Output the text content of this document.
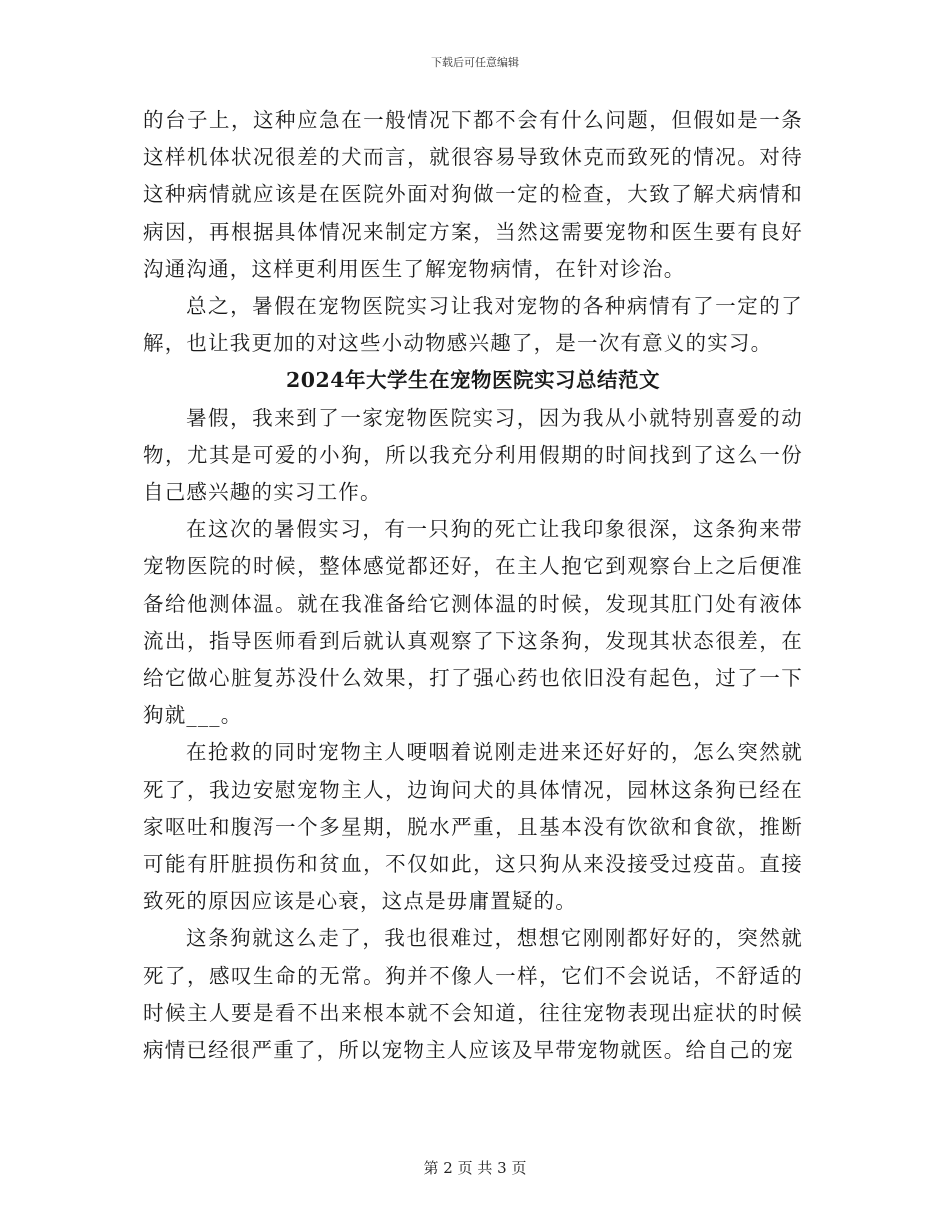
下载后可任意编辑

的台子上，这种应急在一般情况下都不会有什么问题，但假如是一条这样机体状况很差的犬而言，就很容易导致休克而致死的情况。对待这种病情就应该是在医院外面对狗做一定的检查，大致了解犬病情和病因，再根据具体情况来制定方案，当然这需要宠物和医生要有良好沟通沟通，这样更利用医生了解宠物病情，在针对诊治。

总之，暑假在宠物医院实习让我对宠物的各种病情有了一定的了解，也让我更加的对这些小动物感兴趣了，是一次有意义的实习。

2024年大学生在宠物医院实习总结范文

暑假，我来到了一家宠物医院实习，因为我从小就特别喜爱的动物，尤其是可爱的小狗，所以我充分利用假期的时间找到了这么一份自己感兴趣的实习工作。

在这次的暑假实习，有一只狗的死亡让我印象很深，这条狗来带宠物医院的时候，整体感觉都还好，在主人抱它到观察台上之后便准备给他测体温。就在我准备给它测体温的时候，发现其肛门处有液体流出，指导医师看到后就认真观察了下这条狗，发现其状态很差，在给它做心脏复苏没什么效果，打了强心药也依旧没有起色，过了一下狗就___。

在抢救的同时宠物主人哽咽着说刚走进来还好好的，怎么突然就死了，我边安慰宠物主人，边询问犬的具体情况，园林这条狗已经在家呕吐和腹泻一个多星期，脱水严重，且基本没有饮欲和食欲，推断可能有肝脏损伤和贫血，不仅如此，这只狗从来没接受过疫苗。直接致死的原因应该是心衰，这点是毋庸置疑的。

这条狗就这么走了，我也很难过，想想它刚刚都好好的，突然就死了，感叹生命的无常。狗并不像人一样，它们不会说话，不舒适的时候主人要是看不出来根本就不会知道，往往宠物表现出症状的时候病情已经很严重了，所以宠物主人应该及早带宠物就医。给自己的宠

第 2 页 共 3 页
